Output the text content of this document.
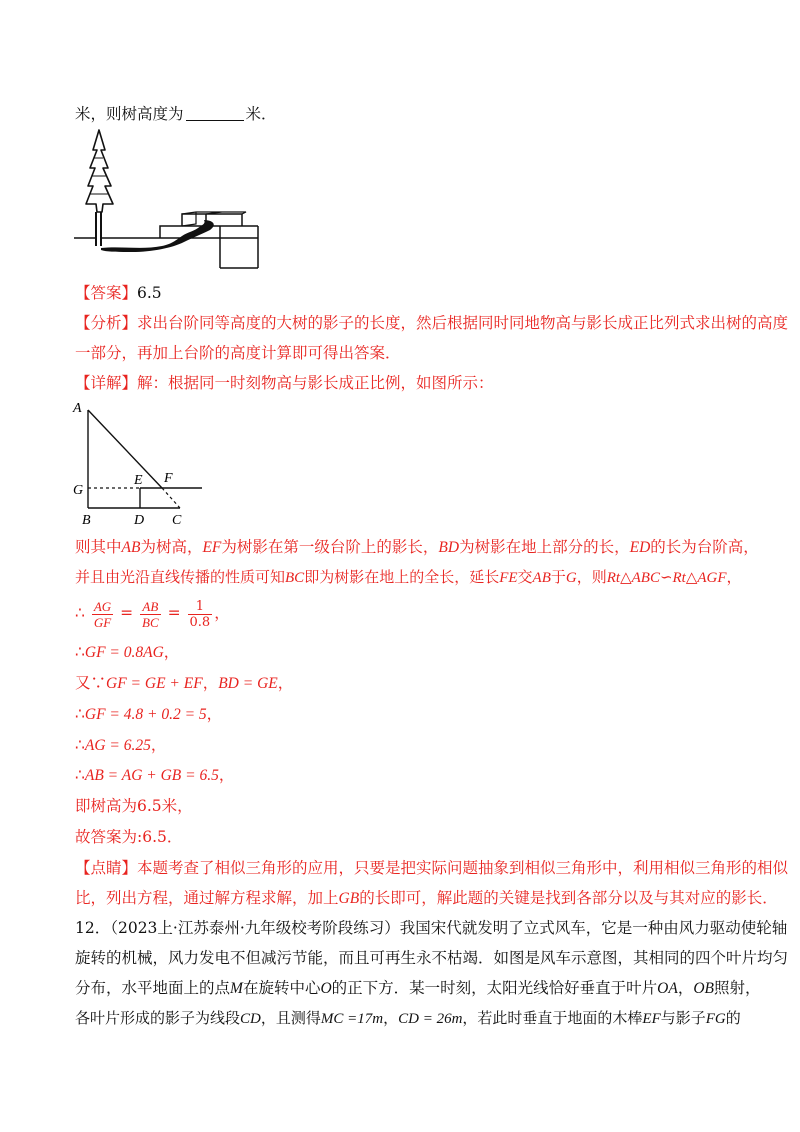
米，则树高度为	米．
【答案】6.5
【分析】求出台阶同等高度的大树的影子的长度，然后根据同时同地物高与影长成正比列式求出树的高度
一部分，再加上台阶的高度计算即可得出答案．
【详解】解：根据同一时刻物高与影长成正比例，如图所示：
A
G
E F
B	D C
则其中AB为树高，EF为树影在第一级台阶上的影长，BD为树影在地上部分的长，ED的长为台阶高，
并且由光沿直线传播的性质可知BC即为树影在地上的全长，延长FE交AB于G，则Rt△ABC∽Rt△AGF，
∴ $\frac{AG}{GF} = \frac{AB}{BC} = \frac{1}{0.8}$ ，
∴GF = 0.8AG，
又∵GF = GE + EF，BD = GE，
∴GF = 4.8 + 0.2 = 5，
∴AG = 6.25，
∴AB = AG + GB = 6.5，
即树高为6.5米，
故答案为:6.5．
【点睛】本题考查了相似三角形的应用，只要是把实际问题抽象到相似三角形中，利用相似三角形的相似
比，列出方程，通过解方程求解，加上GB的长即可，解此题的关键是找到各部分以及与其对应的影长．
12．（2023上·江苏泰州·九年级校考阶段练习）我国宋代就发明了立式风车，它是一种由风力驱动使轮轴
旋转的机械，风力发电不但减污节能，而且可再生永不枯竭．如图是风车示意图，其相同的四个叶片均匀
分布，水平地面上的点M在旋转中心O的正下方．某一时刻，太阳光线恰好垂直于叶片OA，OB照射，
各叶片形成的影子为线段CD，且测得MC =17m，CD = 26m，若此时垂直于地面的木棒EF与影子FG的
